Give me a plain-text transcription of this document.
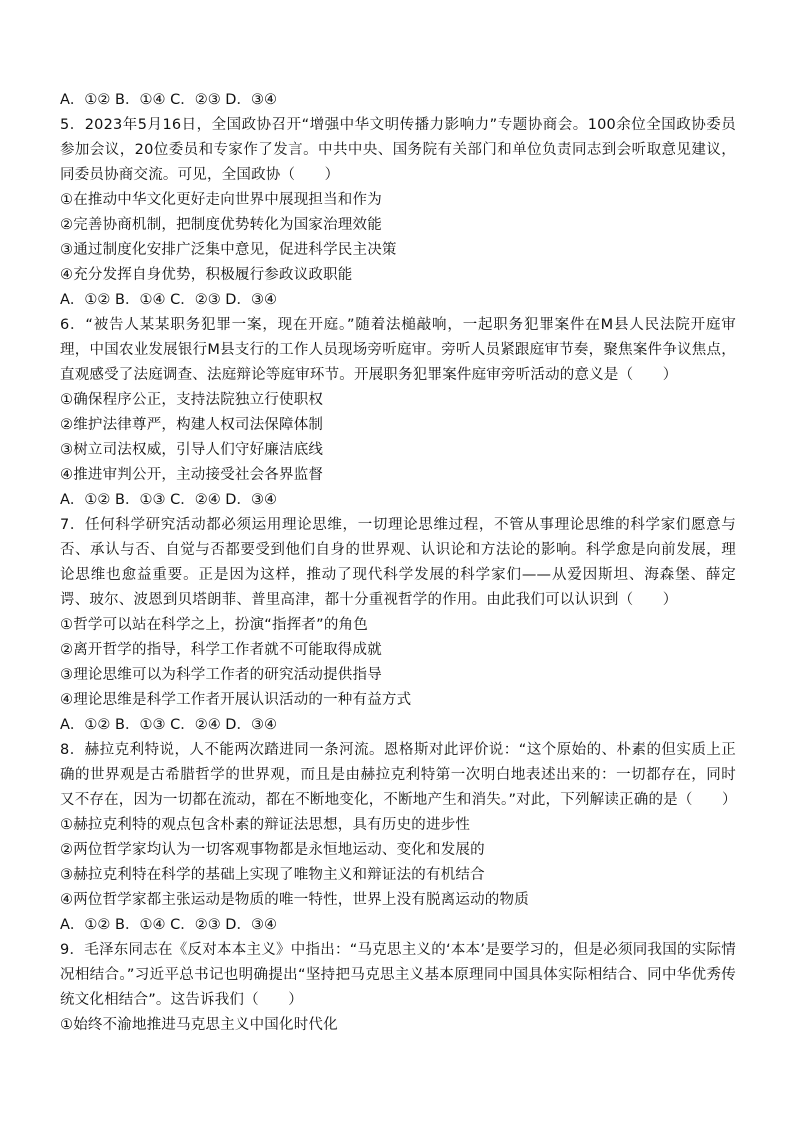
A．①② B．①④ C．②③ D．③④

5．2023年5月16日，全国政协召开“增强中华文明传播力影响力”专题协商会。100余位全国政协委员参加会议，20位委员和专家作了发言。中共中央、国务院有关部门和单位负责同志到会听取意见建议，同委员协商交流。可见，全国政协（　　）

①在推动中华文化更好走向世界中展现担当和作为
②完善协商机制，把制度优势转化为国家治理效能
③通过制度化安排广泛集中意见，促进科学民主决策
④充分发挥自身优势，积极履行参政议政职能
A．①② B．①④ C．②③ D．③④

6．“被告人某某职务犯罪一案，现在开庭。”随着法槌敲响，一起职务犯罪案件在M县人民法院开庭审理，中国农业发展银行M县支行的工作人员现场旁听庭审。旁听人员紧跟庭审节奏，聚焦案件争议焦点，直观感受了法庭调查、法庭辩论等庭审环节。开展职务犯罪案件庭审旁听活动的意义是（　　）

①确保程序公正，支持法院独立行使职权
②维护法律尊严，构建人权司法保障体制
③树立司法权威，引导人们守好廉洁底线
④推进审判公开，主动接受社会各界监督
A．①② B．①③ C．②④ D．③④

7．任何科学研究活动都必须运用理论思维，一切理论思维过程，不管从事理论思维的科学家们愿意与否、承认与否、自觉与否都要受到他们自身的世界观、认识论和方法论的影响。科学愈是向前发展，理论思维也愈益重要。正是因为这样，推动了现代科学发展的科学家们——从爱因斯坦、海森堡、薛定谔、玻尔、波恩到贝塔朗菲、普里高津，都十分重视哲学的作用。由此我们可以认识到（　　）

①哲学可以站在科学之上，扮演“指挥者”的角色
②离开哲学的指导，科学工作者就不可能取得成就
③理论思维可以为科学工作者的研究活动提供指导
④理论思维是科学工作者开展认识活动的一种有益方式
A．①② B．①③ C．②④ D．③④

8．赫拉克利特说，人不能两次踏进同一条河流。恩格斯对此评价说：“这个原始的、朴素的但实质上正确的世界观是古希腊哲学的世界观，而且是由赫拉克利特第一次明白地表述出来的：一切都存在，同时又不存在，因为一切都在流动，都在不断地变化，不断地产生和消失。”对此，下列解读正确的是（　　）

①赫拉克利特的观点包含朴素的辩证法思想，具有历史的进步性
②两位哲学家均认为一切客观事物都是永恒地运动、变化和发展的
③赫拉克利特在科学的基础上实现了唯物主义和辩证法的有机结合
④两位哲学家都主张运动是物质的唯一特性，世界上没有脱离运动的物质
A．①② B．①④ C．②③ D．③④

9．毛泽东同志在《反对本本主义》中指出：“马克思主义的‘本本’是要学习的，但是必须同我国的实际情况相结合。”习近平总书记也明确提出“坚持把马克思主义基本原理同中国具体实际相结合、同中华优秀传统文化相结合”。这告诉我们（　　）

①始终不渝地推进马克思主义中国化时代化
